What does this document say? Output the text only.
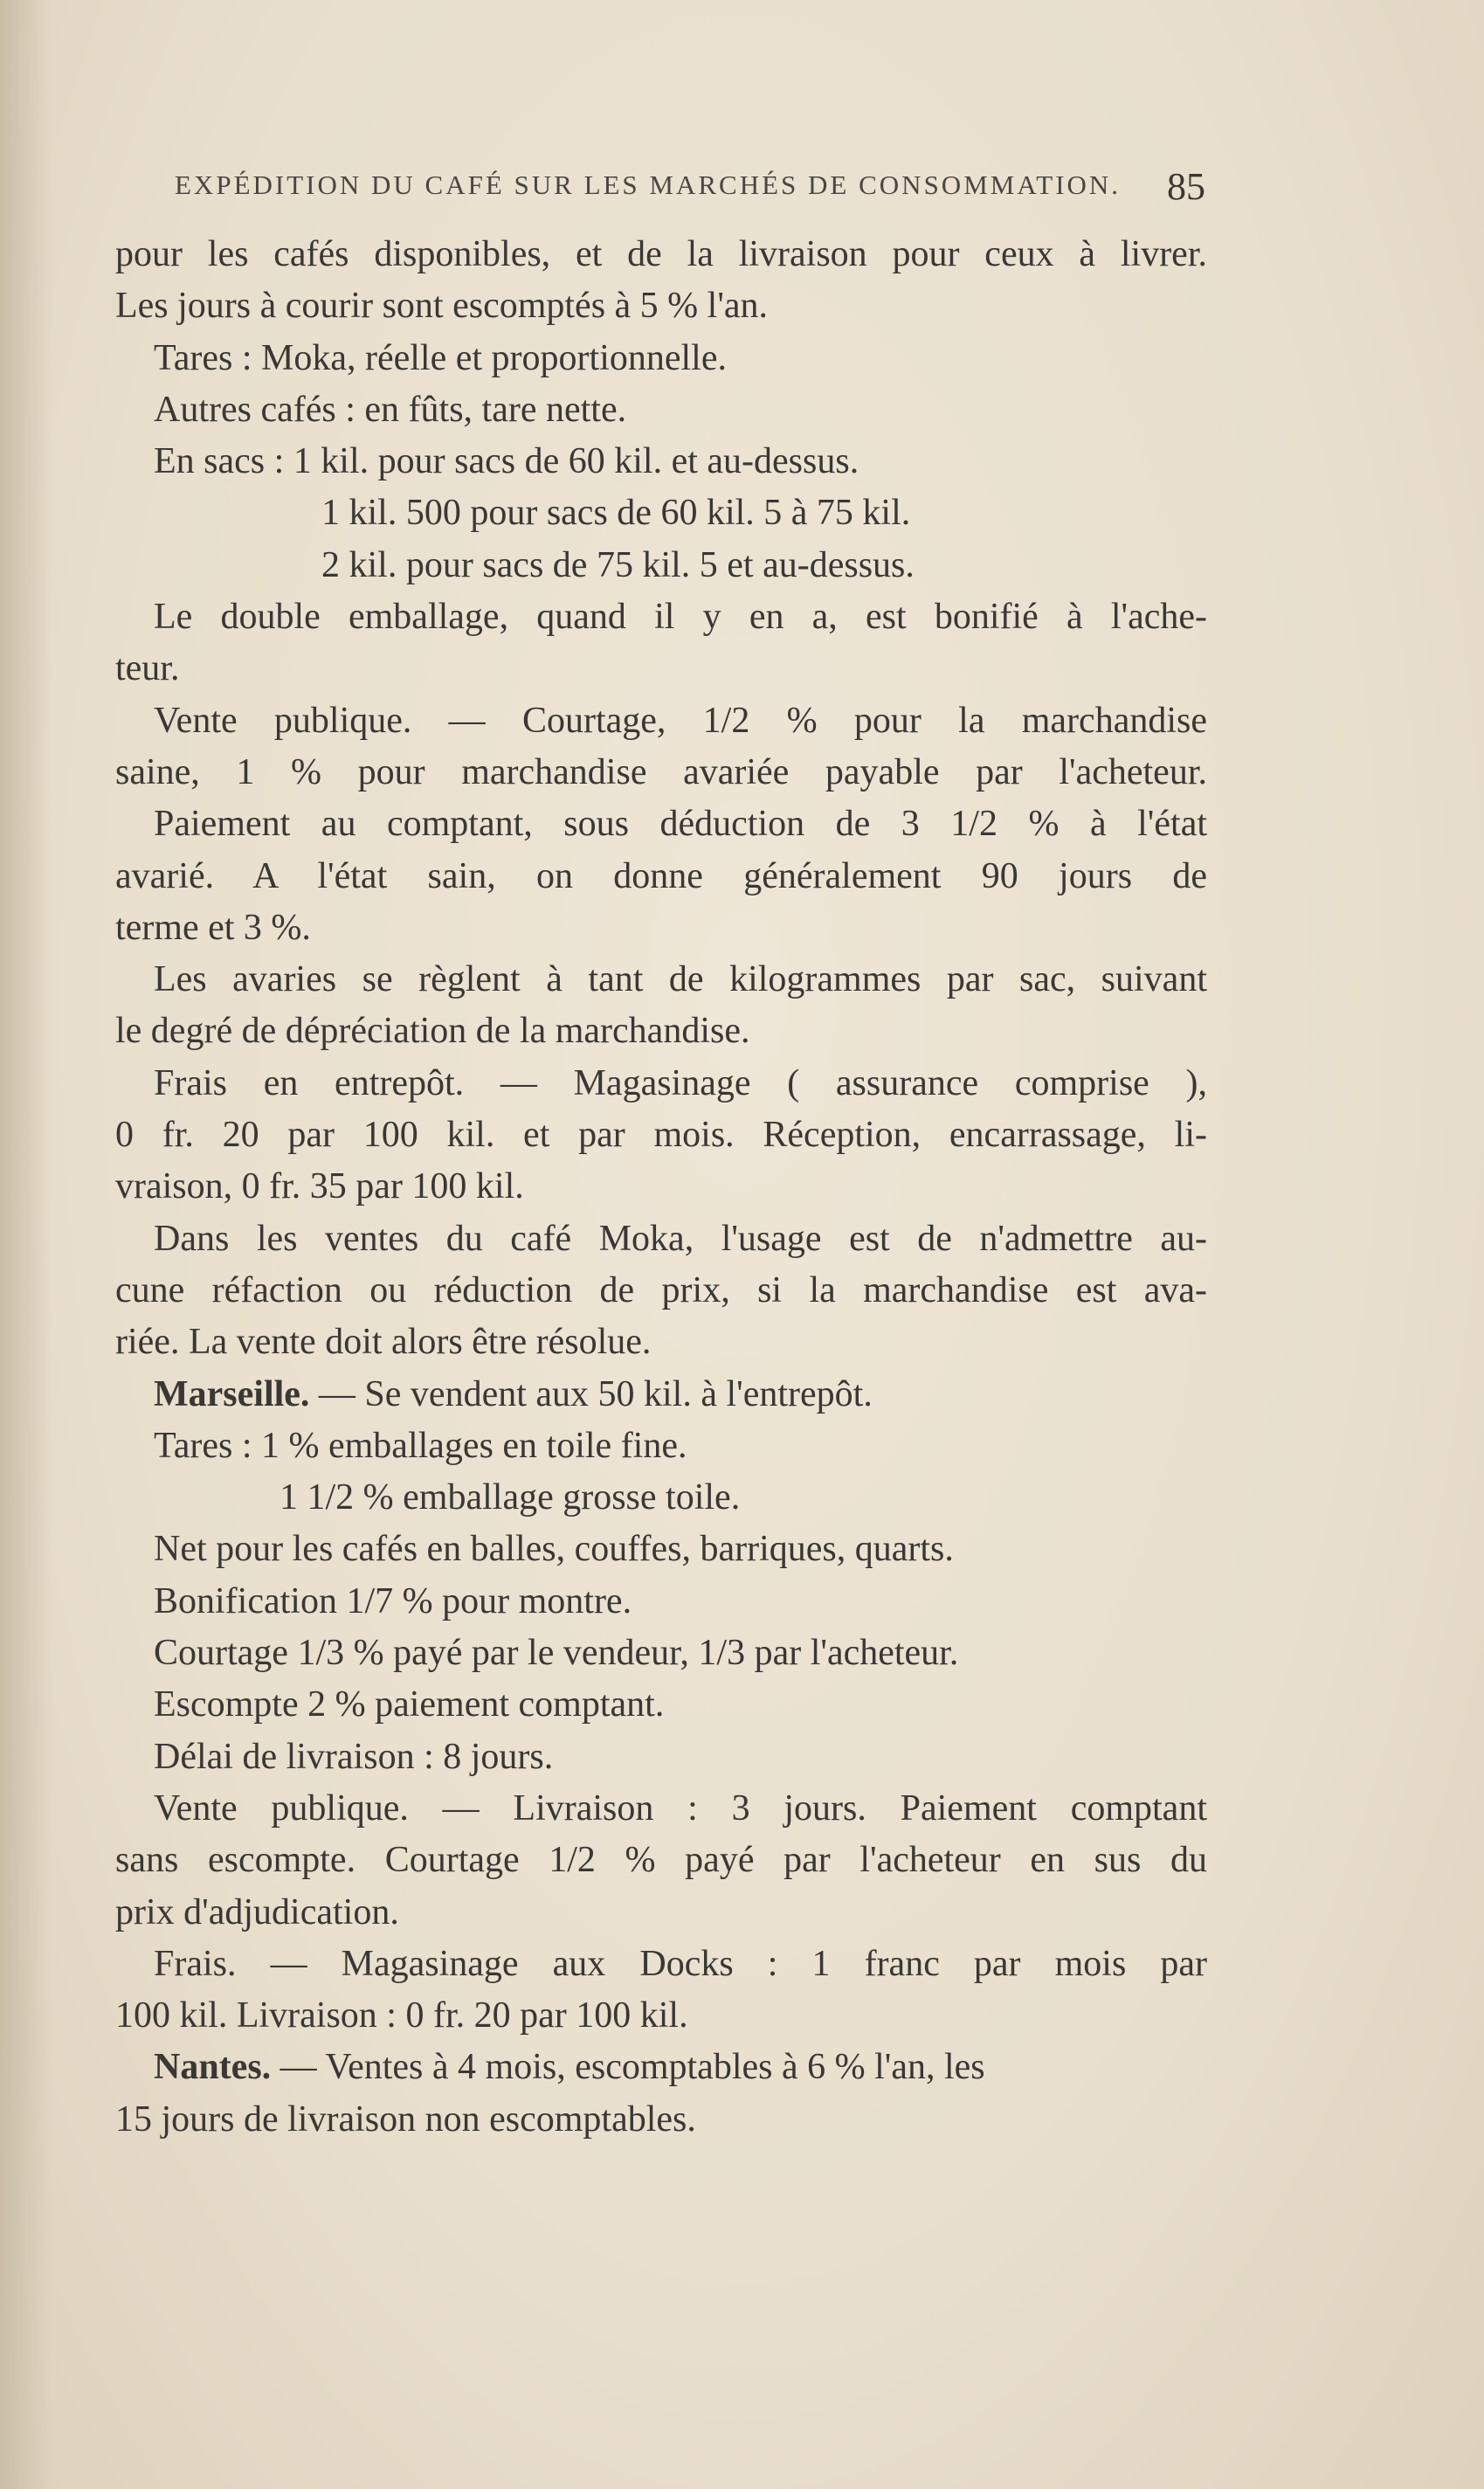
EXPÉDITION DU CAFÉ SUR LES MARCHÉS DE CONSOMMATION. 85
pour les cafés disponibles, et de la livraison pour ceux à livrer.
Les jours à courir sont escomptés à 5 % l'an.
Tares : Moka, réelle et proportionnelle.
Autres cafés : en fûts, tare nette.
En sacs : 1 kil. pour sacs de 60 kil. et au-dessus.
1 kil. 500 pour sacs de 60 kil. 5 à 75 kil.
2 kil. pour sacs de 75 kil. 5 et au-dessus.
Le double emballage, quand il y en a, est bonifié à l'ache-
teur.
Vente publique. — Courtage, 1/2 % pour la marchandise
saine, 1 % pour marchandise avariée payable par l'acheteur.
Paiement au comptant, sous déduction de 3 1/2 % à l'état
avarié. A l'état sain, on donne généralement 90 jours de
terme et 3 %.
Les avaries se règlent à tant de kilogrammes par sac, suivant
le degré de dépréciation de la marchandise.
Frais en entrepôt. — Magasinage ( assurance comprise ),
0 fr. 20 par 100 kil. et par mois. Réception, encarrassage, li-
vraison, 0 fr. 35 par 100 kil.
Dans les ventes du café Moka, l'usage est de n'admettre au-
cune réfaction ou réduction de prix, si la marchandise est ava-
riée. La vente doit alors être résolue.
Marseille. — Se vendent aux 50 kil. à l'entrepôt.
Tares : 1 % emballages en toile fine.
1 1/2 % emballage grosse toile.
Net pour les cafés en balles, couffes, barriques, quarts.
Bonification 1/7 % pour montre.
Courtage 1/3 % payé par le vendeur, 1/3 par l'acheteur.
Escompte 2 % paiement comptant.
Délai de livraison : 8 jours.
Vente publique. — Livraison : 3 jours. Paiement comptant
sans escompte. Courtage 1/2 % payé par l'acheteur en sus du
prix d'adjudication.
Frais. — Magasinage aux Docks : 1 franc par mois par
100 kil. Livraison : 0 fr. 20 par 100 kil.
Nantes. — Ventes à 4 mois, escomptables à 6 % l'an, les
15 jours de livraison non escomptables.
